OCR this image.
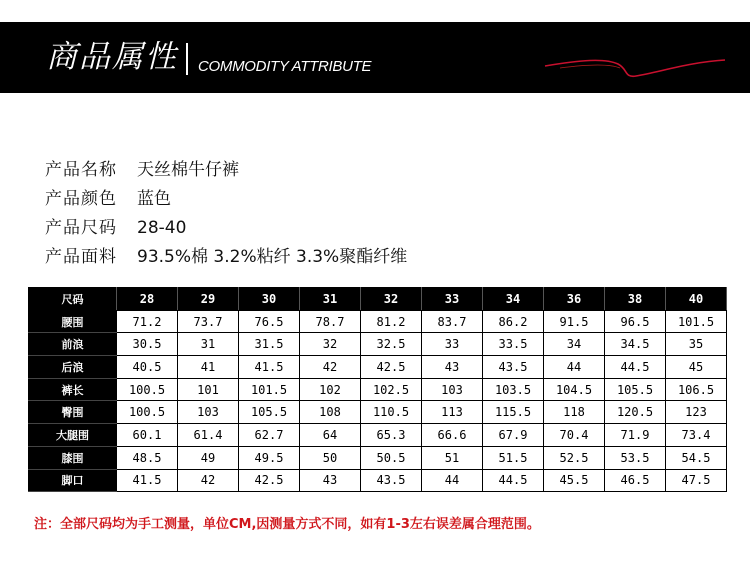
商品属性 COMMODITY ATTRIBUTE
产品名称 天丝棉牛仔裤
产品颜色 蓝色
产品尺码 28-40
产品面料 93.5%棉 3.2%粘纤 3.3%聚酯纤维
尺码	28	29	30	31	32	33	34	36	38	40
腰围	71.2	73.7	76.5	78.7	81.2	83.7	86.2	91.5	96.5	101.5
前浪	30.5	31	31.5	32	32.5	33	33.5	34	34.5	35
后浪	40.5	41	41.5	42	42.5	43	43.5	44	44.5	45
裤长	100.5	101	101.5	102	102.5	103	103.5	104.5	105.5	106.5
臀围	100.5	103	105.5	108	110.5	113	115.5	118	120.5	123
大腿围	60.1	61.4	62.7	64	65.3	66.6	67.9	70.4	71.9	73.4
膝围	48.5	49	49.5	50	50.5	51	51.5	52.5	53.5	54.5
脚口	41.5	42	42.5	43	43.5	44	44.5	45.5	46.5	47.5
注：全部尺码均为手工测量，单位CM,因测量方式不同，如有1-3左右误差属合理范围。
